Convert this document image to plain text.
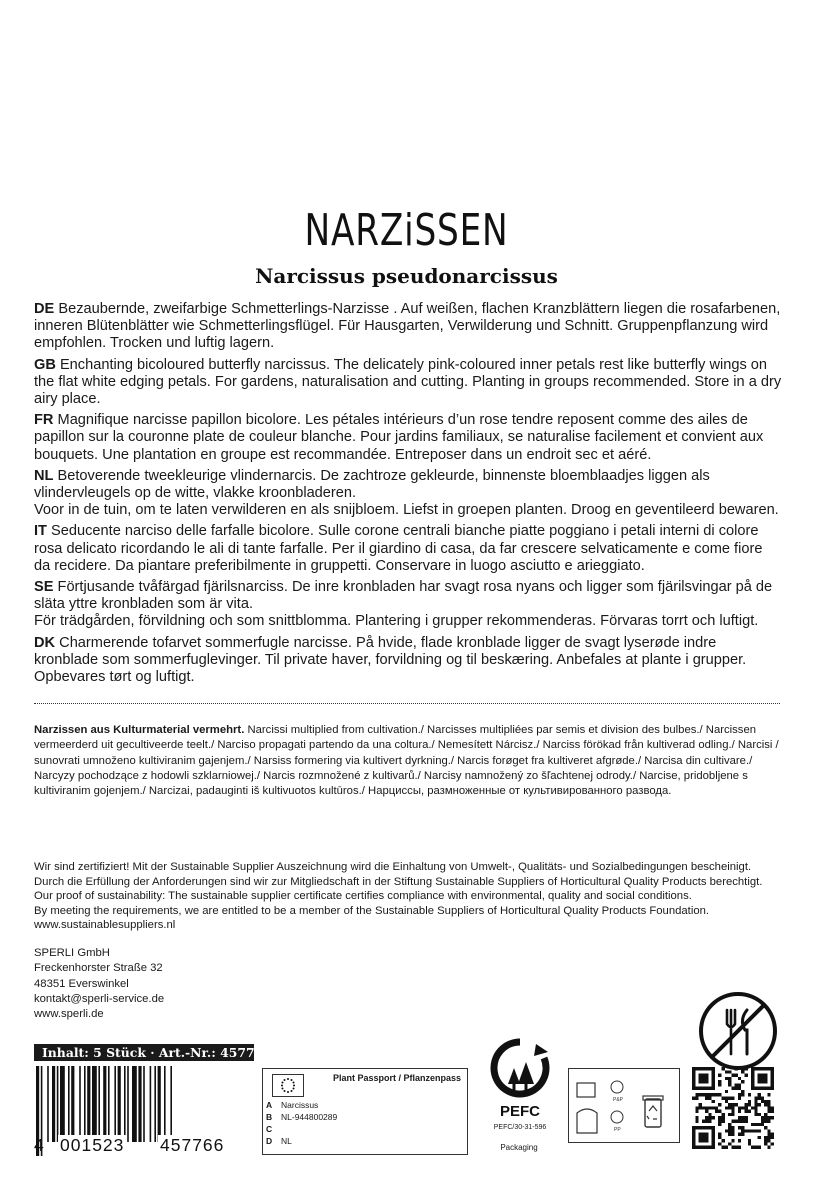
NARZiSSEN
Narcissus pseudonarcissus

DE Bezaubernde, zweifarbige Schmetterlings-Narzisse . Auf weißen, flachen Kranzblättern liegen die rosafarbenen, inneren Blütenblätter wie Schmetterlingsflügel. Für Hausgarten, Verwilderung und Schnitt. Gruppenpflanzung wird empfohlen. Trocken und luftig lagern.

GB Enchanting bicoloured butterfly narcissus. The delicately pink-coloured inner petals rest like butterfly wings on the flat white edging petals. For gardens, naturalisation and cutting. Planting in groups recommended. Store in a dry airy place.

FR Magnifique narcisse papillon bicolore. Les pétales intérieurs d’un rose tendre reposent comme des ailes de papillon sur la couronne plate de couleur blanche. Pour jardins familiaux, se naturalise facilement et convient aux bouquets. Une plantation en groupe est recommandée. Entreposer dans un endroit sec et aéré.

NL Betoverende tweekleurige vlindernarcis. De zachtroze gekleurde, binnenste bloemblaadjes liggen als vlindervleugels op de witte, vlakke kroonbladeren.
Voor in de tuin, om te laten verwilderen en als snijbloem. Liefst in groepen planten. Droog en geventileerd bewaren.

IT Seducente narciso delle farfalle bicolore. Sulle corone centrali bianche piatte poggiano i petali interni di colore rosa delicato ricordando le ali di tante farfalle. Per il giardino di casa, da far crescere selvaticamente e come fiore da recidere. Da piantare preferibilmente in gruppetti. Conservare in luogo asciutto e arieggiato.

SE Förtjusande tvåfärgad fjärilsnarciss. De inre kronbladen har svagt rosa nyans och ligger som fjärilsvingar på de släta yttre kronbladen som är vita.
För trädgården, förvildning och som snittblomma. Plantering i grupper rekommenderas. Förvaras torrt och luftigt.

DK Charmerende tofarvet sommerfugle narcisse. På hvide, flade kronblade ligger de svagt lyserøde indre kronblade som sommerfuglevinger. Til private haver, forvildning og til beskæring. Anbefales at plante i grupper. Opbevares tørt og luftigt.

Narzissen aus Kulturmaterial vermehrt. Narcissi multiplied from cultivation./ Narcisses multipliées par semis et division des bulbes./ Narcissen vermeerderd uit gecultiveerde teelt./ Narciso propagati partendo da una coltura./ Nemesített Nárcisz./ Narciss förökad från kultiverad odling./ Narcisi / sunovrati umnoženo kultiviranim gajenjem./ Narsiss formering via kultivert dyrkning./ Narcis forøget fra kultiveret afgrøde./ Narcisa din cultivare./ Narcyzy pochodzące z hodowli szklarniowej./ Narcis rozmnožené z kultivarů./ Narcisy namnožený zo šľachtenej odrody./ Narcise, pridobljene s kultiviranim gojenjem./ Narcizai, padauginti iš kultivuotos kultūros./ Нарциссы, размноженные от культивированного развода.
Wir sind zertifiziert! Mit der Sustainable Supplier Auszeichnung wird die Einhaltung von Umwelt-, Qualitäts- und Sozialbedingungen bescheinigt.
Durch die Erfüllung der Anforderungen sind wir zur Mitgliedschaft in der Stiftung Sustainable Suppliers of Horticultural Quality Products berechtigt.
Our proof of sustainability: The sustainable supplier certificate certifies compliance with environmental, quality and social conditions.
By meeting the requirements, we are entitled to be a member of the Sustainable Suppliers of Horticultural Quality Products Foundation.
www.sustainablesuppliers.nl
SPERLI GmbH
Freckenhorster Straße 32
48351 Everswinkel
kontakt@sperli-service.de
www.sperli.de
Inhalt: 5 Stück · Art.-Nr.: 457766
4 001523 457766
Plant Passport / Pflanzenpass
A	Narcissus
B	NL-944800289
C
D	NL
PEFC
PEFC/30-31-596
P&P
PP
Packaging
